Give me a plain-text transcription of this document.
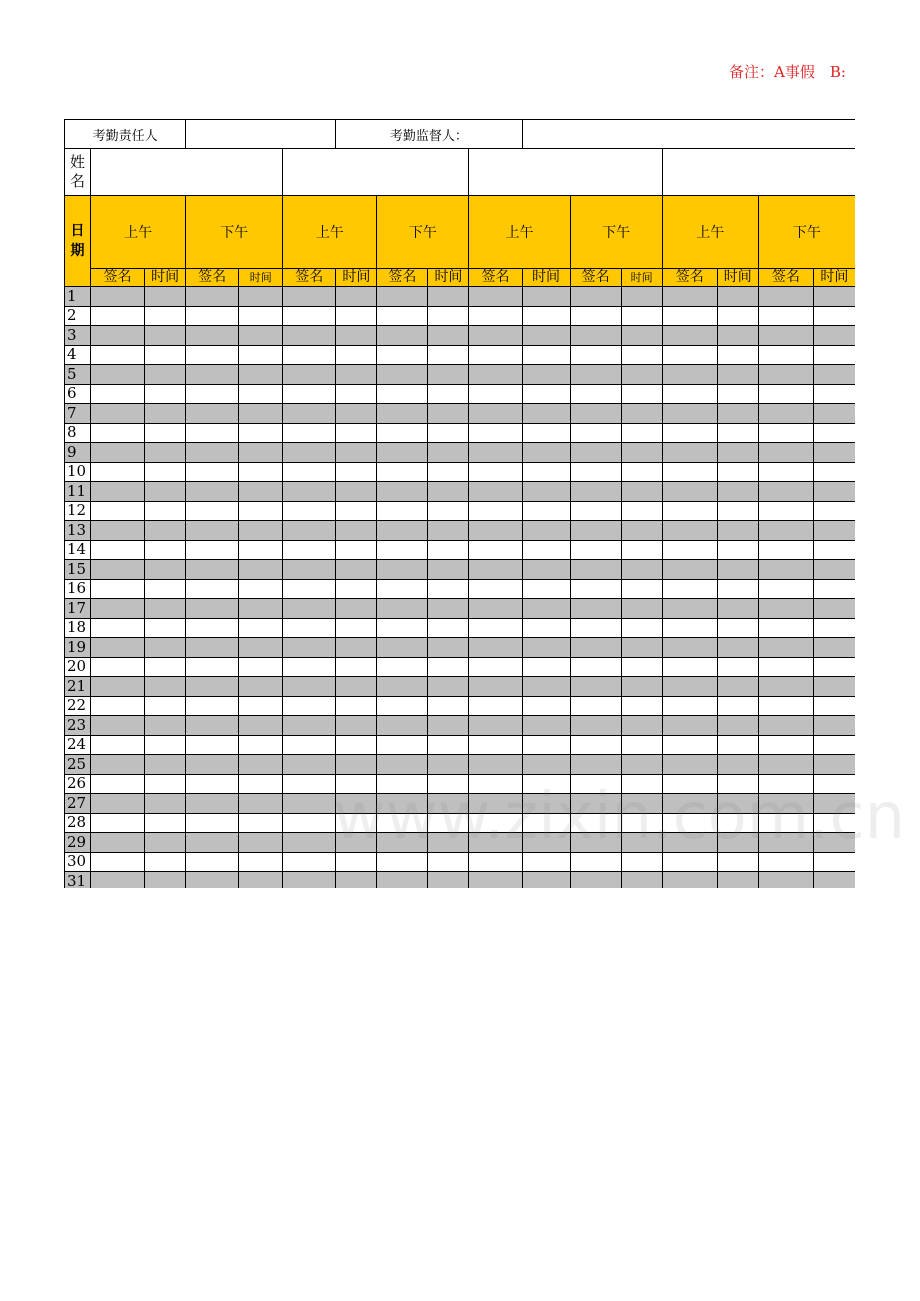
备注：A事假　B:
考勤责任人						考勤监督人：										
姓名																
日期	上午		下午		上午		下午		上午		下午		上午		下午	
	签名	时间	签名	时间	签名	时间	签名	时间	签名	时间	签名	时间	签名	时间	签名	时间
1																
2																
3																
4																
5																
6																
7																
8																
9																
10																
11																
12																
13																
14																
15																
16																
17																
18																
19																
20																
21																
22																
23																
24																
25																
26																
27																
28																
29																
30																
31																
www.zixin.com.cn
